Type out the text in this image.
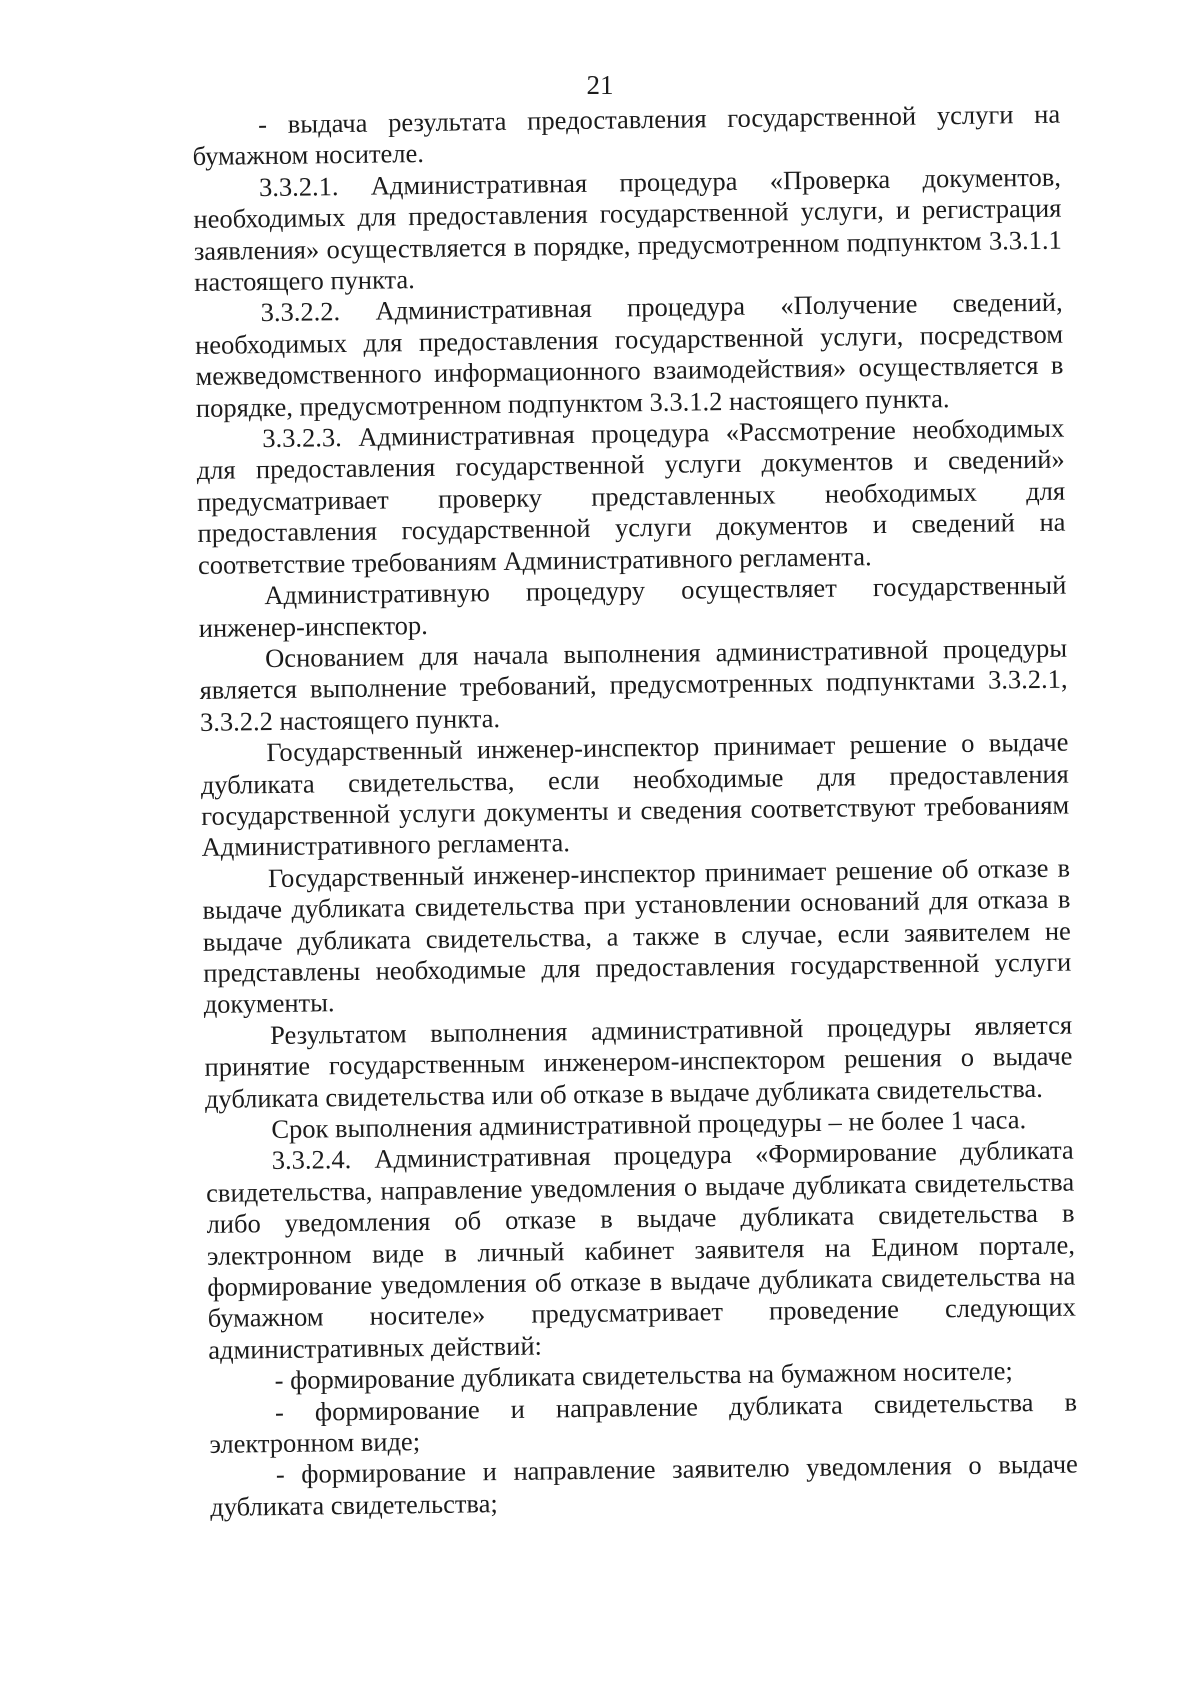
21

- выдача результата предоставления государственной услуги на бумажном носителе.

3.3.2.1. Административная процедура «Проверка документов, необходимых для предоставления государственной услуги, и регистрация заявления» осуществляется в порядке, предусмотренном подпунктом 3.3.1.1 настоящего пункта.

3.3.2.2. Административная процедура «Получение сведений, необходимых для предоставления государственной услуги, посредством межведомственного информационного взаимодействия» осуществляется в порядке, предусмотренном подпунктом 3.3.1.2 настоящего пункта.

3.3.2.3. Административная процедура «Рассмотрение необходимых для предоставления государственной услуги документов и сведений» предусматривает проверку представленных необходимых для предоставления государственной услуги документов и сведений на соответствие требованиям Административного регламента.

Административную процедуру осуществляет государственный инженер-инспектор.

Основанием для начала выполнения административной процедуры является выполнение требований, предусмотренных подпунктами 3.3.2.1, 3.3.2.2 настоящего пункта.

Государственный инженер-инспектор принимает решение о выдаче дубликата свидетельства, если необходимые для предоставления государственной услуги документы и сведения соответствуют требованиям Административного регламента.

Государственный инженер-инспектор принимает решение об отказе в выдаче дубликата свидетельства при установлении оснований для отказа в выдаче дубликата свидетельства, а также в случае, если заявителем не представлены необходимые для предоставления государственной услуги документы.

Результатом выполнения административной процедуры является принятие государственным инженером-инспектором решения о выдаче дубликата свидетельства или об отказе в выдаче дубликата свидетельства.

Срок выполнения административной процедуры – не более 1 часа.

3.3.2.4. Административная процедура «Формирование дубликата свидетельства, направление уведомления о выдаче дубликата свидетельства либо уведомления об отказе в выдаче дубликата свидетельства в электронном виде в личный кабинет заявителя на Едином портале, формирование уведомления об отказе в выдаче дубликата свидетельства на бумажном носителе» предусматривает проведение следующих административных действий:

- формирование дубликата свидетельства на бумажном носителе;

- формирование и направление дубликата свидетельства в электронном виде;

- формирование и направление заявителю уведомления о выдаче дубликата свидетельства;
